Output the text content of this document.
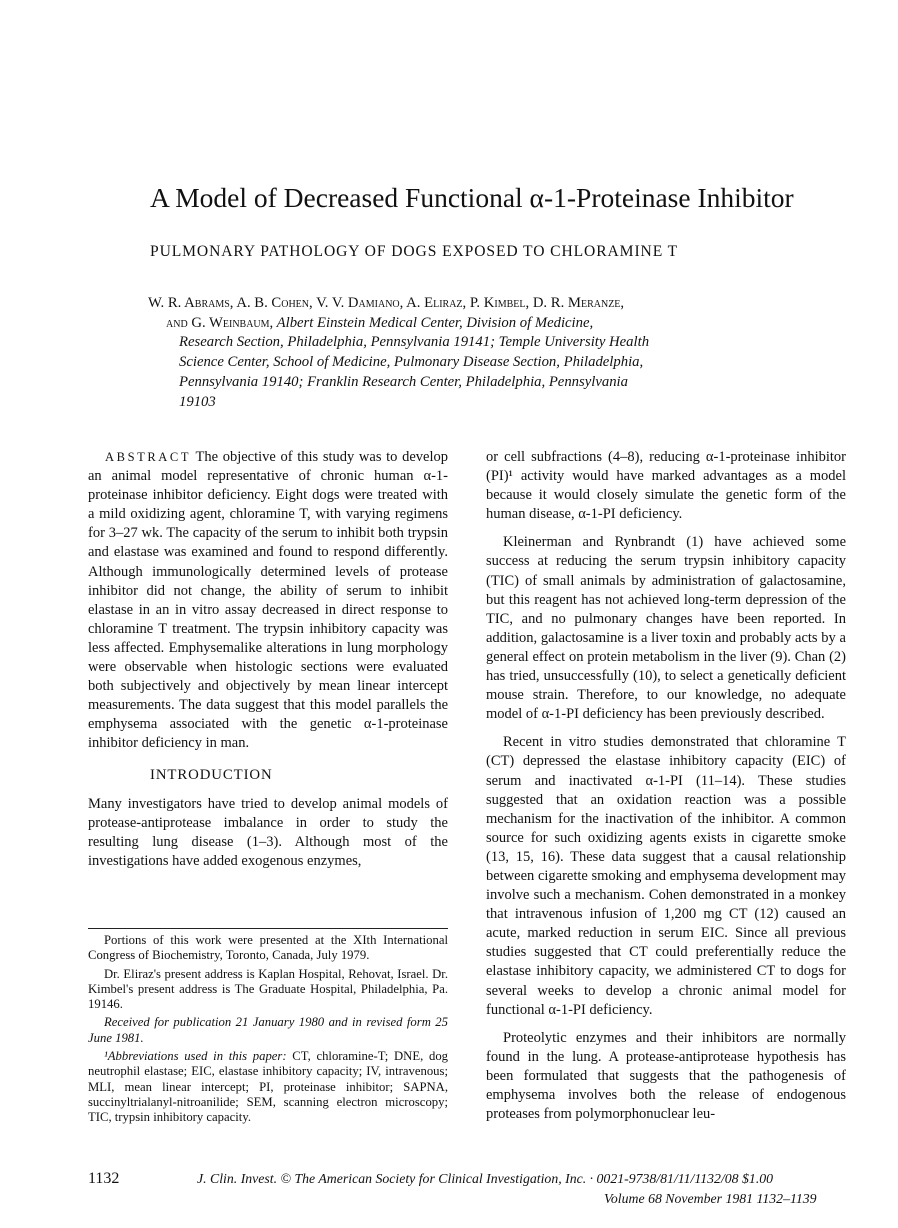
A Model of Decreased Functional α-1-Proteinase Inhibitor
PULMONARY PATHOLOGY OF DOGS EXPOSED TO CHLORAMINE T

W. R. Abrams, A. B. Cohen, V. V. Damiano, A. Eliraz, P. Kimbel, D. R. Meranze,

and G. Weinbaum, Albert Einstein Medical Center, Division of Medicine,

Research Section, Philadelphia, Pennsylvania 19141; Temple University Health

Science Center, School of Medicine, Pulmonary Disease Section, Philadelphia,

Pennsylvania 19140; Franklin Research Center, Philadelphia, Pennsylvania

19103

ABSTRACT The objective of this study was to develop an animal model representative of chronic human α-1-proteinase inhibitor deficiency. Eight dogs were treated with a mild oxidizing agent, chloramine T, with varying regimens for 3–27 wk. The capacity of the serum to inhibit both trypsin and elastase was examined and found to respond differently. Although immunologically determined levels of protease inhibitor did not change, the ability of serum to inhibit elastase in an in vitro assay decreased in direct response to chloramine T treatment. The trypsin inhibitory capacity was less affected. Emphysemalike alterations in lung morphology were observable when histologic sections were evaluated both subjectively and objectively by mean linear intercept measurements. The data suggest that this model parallels the emphysema associated with the genetic α-1-proteinase inhibitor deficiency in man.

INTRODUCTION

Many investigators have tried to develop animal models of protease-antiprotease imbalance in order to study the resulting lung disease (1–3). Although most of the investigations have added exogenous enzymes,

Portions of this work were presented at the XIth International Congress of Biochemistry, Toronto, Canada, July 1979.

Dr. Eliraz's present address is Kaplan Hospital, Rehovat, Israel. Dr. Kimbel's present address is The Graduate Hospital, Philadelphia, Pa. 19146.

Received for publication 21 January 1980 and in revised form 25 June 1981.

¹Abbreviations used in this paper: CT, chloramine-T; DNE, dog neutrophil elastase; EIC, elastase inhibitory capacity; IV, intravenous; MLI, mean linear intercept; PI, proteinase inhibitor; SAPNA, succinyltrialanyl-nitroanilide; SEM, scanning electron microscopy; TIC, trypsin inhibitory capacity.

or cell subfractions (4–8), reducing α-1-proteinase inhibitor (PI)¹ activity would have marked advantages as a model because it would closely simulate the genetic form of the human disease, α-1-PI deficiency.

Kleinerman and Rynbrandt (1) have achieved some success at reducing the serum trypsin inhibitory capacity (TIC) of small animals by administration of galactosamine, but this reagent has not achieved long-term depression of the TIC, and no pulmonary changes have been reported. In addition, galactosamine is a liver toxin and probably acts by a general effect on protein metabolism in the liver (9). Chan (2) has tried, unsuccessfully (10), to select a genetically deficient mouse strain. Therefore, to our knowledge, no adequate model of α-1-PI deficiency has been previously described.

Recent in vitro studies demonstrated that chloramine T (CT) depressed the elastase inhibitory capacity (EIC) of serum and inactivated α-1-PI (11–14). These studies suggested that an oxidation reaction was a possible mechanism for the inactivation of the inhibitor. A common source for such oxidizing agents exists in cigarette smoke (13, 15, 16). These data suggest that a causal relationship between cigarette smoking and emphysema development may involve such a mechanism. Cohen demonstrated in a monkey that intravenous infusion of 1,200 mg CT (12) caused an acute, marked reduction in serum EIC. Since all previous studies suggested that CT could preferentially reduce the elastase inhibitory capacity, we administered CT to dogs for several weeks to develop a chronic animal model for functional α-1-PI deficiency.

Proteolytic enzymes and their inhibitors are normally found in the lung. A protease-antiprotease hypothesis has been formulated that suggests that the pathogenesis of emphysema involves both the release of endogenous proteases from polymorphonuclear leu-

1132	J. Clin. Invest. © The American Society for Clinical Investigation, Inc. · 0021-9738/81/11/1132/08 $1.00
Volume 68 November 1981 1132–1139
